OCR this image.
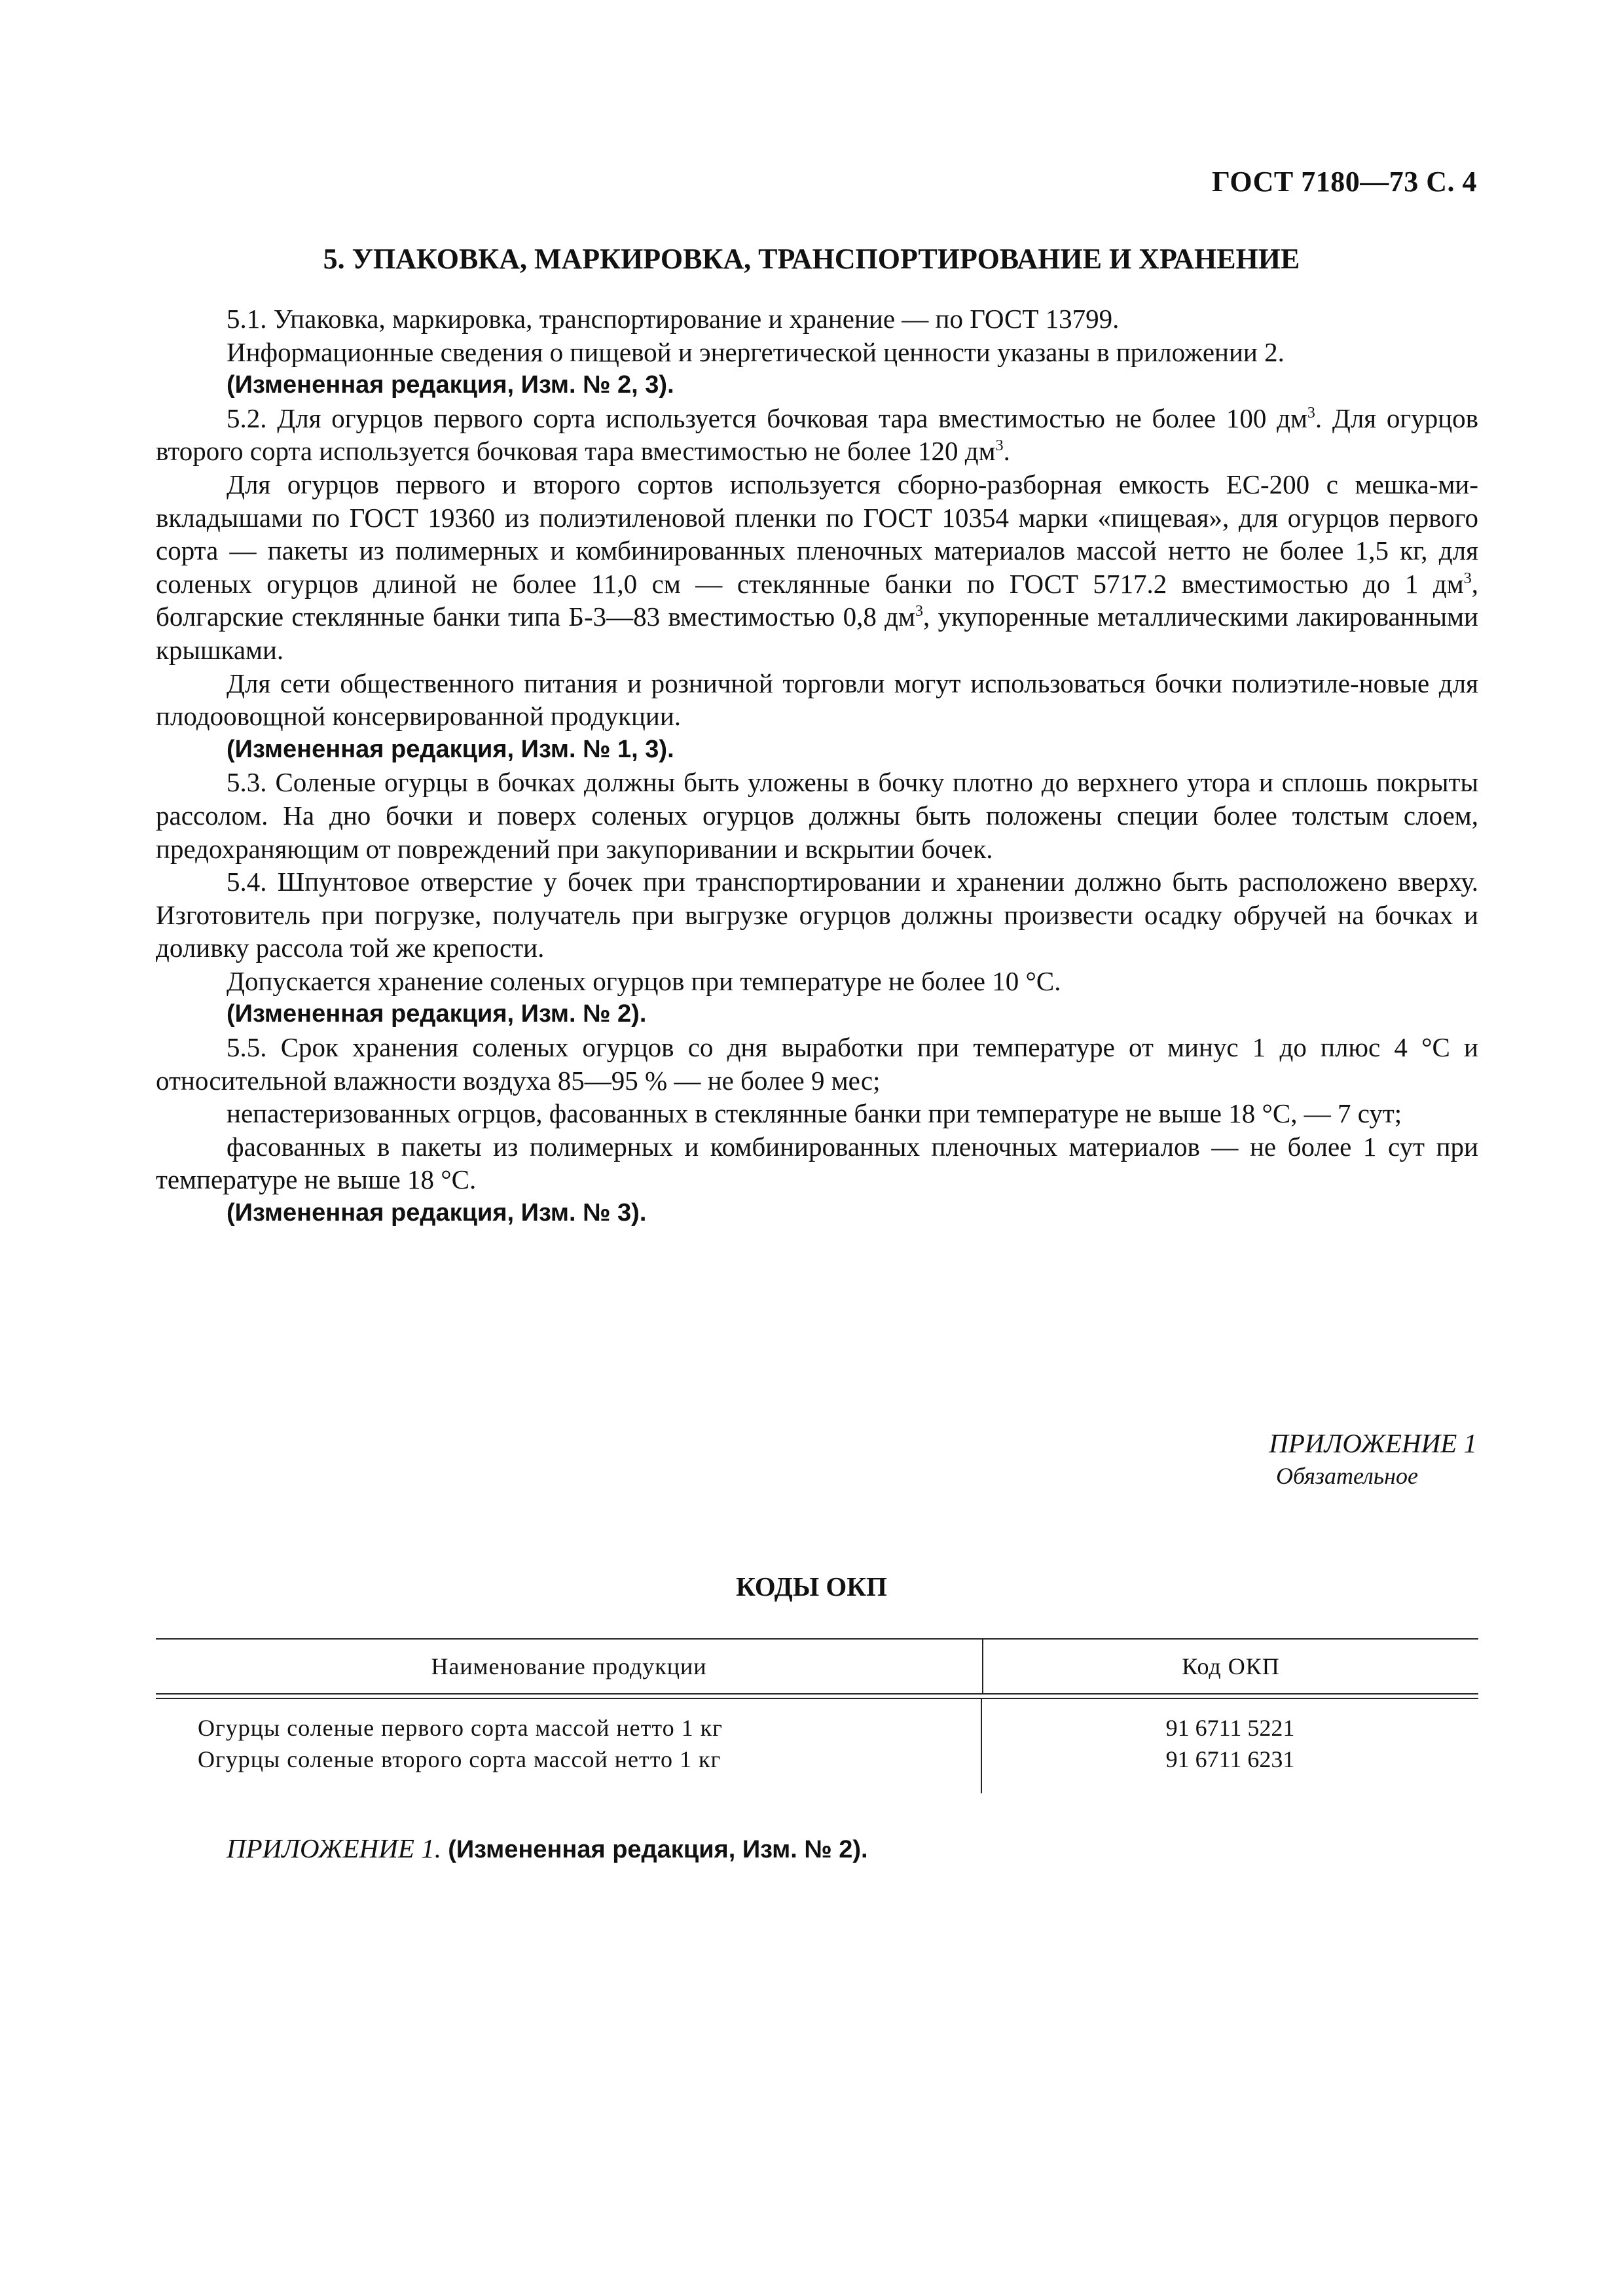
ГОСТ 7180—73 С. 4
5. УПАКОВКА, МАРКИРОВКА, ТРАНСПОРТИРОВАНИЕ И ХРАНЕНИЕ

5.1. Упаковка, маркировка, транспортирование и хранение — по ГОСТ 13799.

Информационные сведения о пищевой и энергетической ценности указаны в приложении 2.

(Измененная редакция, Изм. № 2, 3).

5.2. Для огурцов первого сорта используется бочковая тара вместимостью не более 100 $дм^3$. Для огурцов второго сорта используется бочковая тара вместимостью не более 120 $дм^3$.

Для огурцов первого и второго сортов используется сборно-разборная емкость ЕС-200 с мешка-ми-вкладышами по ГОСТ 19360 из полиэтиленовой пленки по ГОСТ 10354 марки «пищевая», для огурцов первого сорта — пакеты из полимерных и комбинированных пленочных материалов массой нетто не более 1,5 кг, для соленых огурцов длиной не более 11,0 см — стеклянные банки по ГОСТ 5717.2 вместимостью до 1 $дм^3$, болгарские стеклянные банки типа Б-3—83 вместимостью 0,8 $дм^3$, укупоренные металлическими лакированными крышками.

Для сети общественного питания и розничной торговли могут использоваться бочки полиэтиле-новые для плодоовощной консервированной продукции.

(Измененная редакция, Изм. № 1, 3).

5.3. Соленые огурцы в бочках должны быть уложены в бочку плотно до верхнего утора и сплошь покрыты рассолом. На дно бочки и поверх соленых огурцов должны быть положены специи более толстым слоем, предохраняющим от повреждений при закупоривании и вскрытии бочек.

5.4. Шпунтовое отверстие у бочек при транспортировании и хранении должно быть расположено вверху. Изготовитель при погрузке, получатель при выгрузке огурцов должны произвести осадку обручей на бочках и доливку рассола той же крепости.

Допускается хранение соленых огурцов при температуре не более 10 °С.

(Измененная редакция, Изм. № 2).

5.5. Срок хранения соленых огурцов со дня выработки при температуре от минус 1 до плюс 4 °С и относительной влажности воздуха 85—95 % — не более 9 мес;

непастеризованных огрцов, фасованных в стеклянные банки при температуре не выше 18 °С, — 7 сут;

фасованных в пакеты из полимерных и комбинированных пленочных материалов — не более 1 сут при температуре не выше 18 °С.

(Измененная редакция, Изм. № 3).

ПРИЛОЖЕНИЕ 1
Обязательное
КОДЫ ОКП
Наименование продукции	Код ОКП
Огурцы соленые первого сорта массой нетто 1 кг
Огурцы соленые второго сорта массой нетто 1 кг
91 6711 5221
91 6711 6231
ПРИЛОЖЕНИЕ 1. (Измененная редакция, Изм. № 2).
